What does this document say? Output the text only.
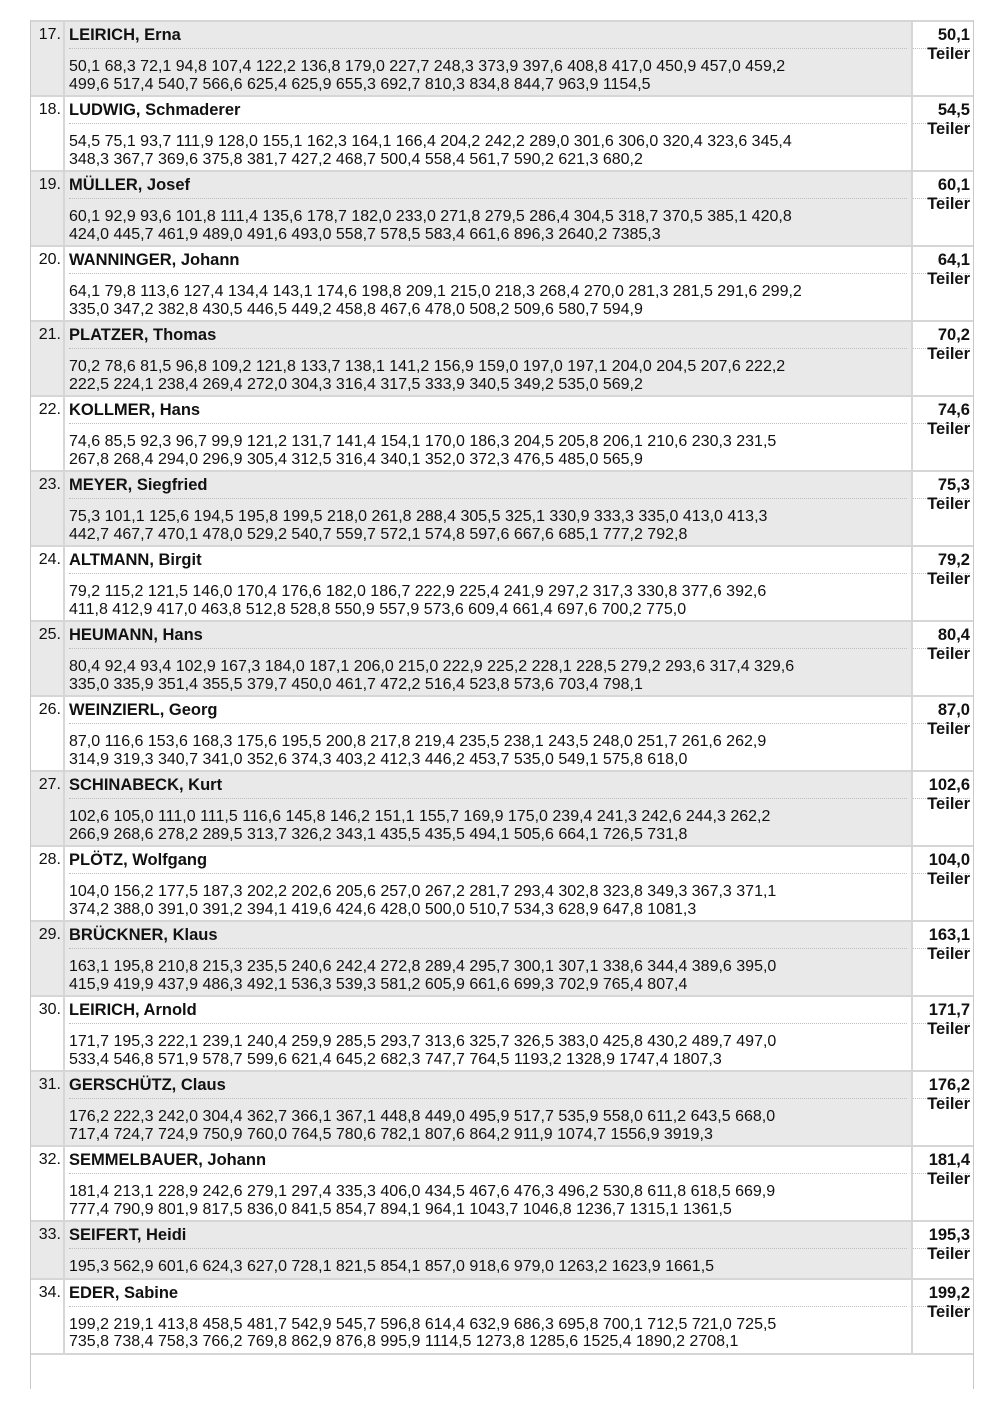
17. LEIRICH, Erna
50,1 68,3 72,1 94,8 107,4 122,2 136,8 179,0 227,7 248,3 373,9 397,6 408,8 417,0 450,9 457,0 459,2
499,6 517,4 540,7 566,6 625,4 625,9 655,3 692,7 810,3 834,8 844,7 963,9 1154,5
50,1
Teiler
18. LUDWIG, Schmaderer
54,5 75,1 93,7 111,9 128,0 155,1 162,3 164,1 166,4 204,2 242,2 289,0 301,6 306,0 320,4 323,6 345,4
348,3 367,7 369,6 375,8 381,7 427,2 468,7 500,4 558,4 561,7 590,2 621,3 680,2
54,5
Teiler
19. MÜLLER, Josef
60,1 92,9 93,6 101,8 111,4 135,6 178,7 182,0 233,0 271,8 279,5 286,4 304,5 318,7 370,5 385,1 420,8
424,0 445,7 461,9 489,0 491,6 493,0 558,7 578,5 583,4 661,6 896,3 2640,2 7385,3
60,1
Teiler
20. WANNINGER, Johann
64,1 79,8 113,6 127,4 134,4 143,1 174,6 198,8 209,1 215,0 218,3 268,4 270,0 281,3 281,5 291,6 299,2
335,0 347,2 382,8 430,5 446,5 449,2 458,8 467,6 478,0 508,2 509,6 580,7 594,9
64,1
Teiler
21. PLATZER, Thomas
70,2 78,6 81,5 96,8 109,2 121,8 133,7 138,1 141,2 156,9 159,0 197,0 197,1 204,0 204,5 207,6 222,2
222,5 224,1 238,4 269,4 272,0 304,3 316,4 317,5 333,9 340,5 349,2 535,0 569,2
70,2
Teiler
22. KOLLMER, Hans
74,6 85,5 92,3 96,7 99,9 121,2 131,7 141,4 154,1 170,0 186,3 204,5 205,8 206,1 210,6 230,3 231,5
267,8 268,4 294,0 296,9 305,4 312,5 316,4 340,1 352,0 372,3 476,5 485,0 565,9
74,6
Teiler
23. MEYER, Siegfried
75,3 101,1 125,6 194,5 195,8 199,5 218,0 261,8 288,4 305,5 325,1 330,9 333,3 335,0 413,0 413,3
442,7 467,7 470,1 478,0 529,2 540,7 559,7 572,1 574,8 597,6 667,6 685,1 777,2 792,8
75,3
Teiler
24. ALTMANN, Birgit
79,2 115,2 121,5 146,0 170,4 176,6 182,0 186,7 222,9 225,4 241,9 297,2 317,3 330,8 377,6 392,6
411,8 412,9 417,0 463,8 512,8 528,8 550,9 557,9 573,6 609,4 661,4 697,6 700,2 775,0
79,2
Teiler
25. HEUMANN, Hans
80,4 92,4 93,4 102,9 167,3 184,0 187,1 206,0 215,0 222,9 225,2 228,1 228,5 279,2 293,6 317,4 329,6
335,0 335,9 351,4 355,5 379,7 450,0 461,7 472,2 516,4 523,8 573,6 703,4 798,1
80,4
Teiler
26. WEINZIERL, Georg
87,0 116,6 153,6 168,3 175,6 195,5 200,8 217,8 219,4 235,5 238,1 243,5 248,0 251,7 261,6 262,9
314,9 319,3 340,7 341,0 352,6 374,3 403,2 412,3 446,2 453,7 535,0 549,1 575,8 618,0
87,0
Teiler
27. SCHINABECK, Kurt
102,6 105,0 111,0 111,5 116,6 145,8 146,2 151,1 155,7 169,9 175,0 239,4 241,3 242,6 244,3 262,2
266,9 268,6 278,2 289,5 313,7 326,2 343,1 435,5 435,5 494,1 505,6 664,1 726,5 731,8
102,6
Teiler
28. PLÖTZ, Wolfgang
104,0 156,2 177,5 187,3 202,2 202,6 205,6 257,0 267,2 281,7 293,4 302,8 323,8 349,3 367,3 371,1
374,2 388,0 391,0 391,2 394,1 419,6 424,6 428,0 500,0 510,7 534,3 628,9 647,8 1081,3
104,0
Teiler
29. BRÜCKNER, Klaus
163,1 195,8 210,8 215,3 235,5 240,6 242,4 272,8 289,4 295,7 300,1 307,1 338,6 344,4 389,6 395,0
415,9 419,9 437,9 486,3 492,1 536,3 539,3 581,2 605,9 661,6 699,3 702,9 765,4 807,4
163,1
Teiler
30. LEIRICH, Arnold
171,7 195,3 222,1 239,1 240,4 259,9 285,5 293,7 313,6 325,7 326,5 383,0 425,8 430,2 489,7 497,0
533,4 546,8 571,9 578,7 599,6 621,4 645,2 682,3 747,7 764,5 1193,2 1328,9 1747,4 1807,3
171,7
Teiler
31. GERSCHÜTZ, Claus
176,2 222,3 242,0 304,4 362,7 366,1 367,1 448,8 449,0 495,9 517,7 535,9 558,0 611,2 643,5 668,0
717,4 724,7 724,9 750,9 760,0 764,5 780,6 782,1 807,6 864,2 911,9 1074,7 1556,9 3919,3
176,2
Teiler
32. SEMMELBAUER, Johann
181,4 213,1 228,9 242,6 279,1 297,4 335,3 406,0 434,5 467,6 476,3 496,2 530,8 611,8 618,5 669,9
777,4 790,9 801,9 817,5 836,0 841,5 854,7 894,1 964,1 1043,7 1046,8 1236,7 1315,1 1361,5
181,4
Teiler
33. SEIFERT, Heidi
195,3 562,9 601,6 624,3 627,0 728,1 821,5 854,1 857,0 918,6 979,0 1263,2 1623,9 1661,5
195,3
Teiler
34. EDER, Sabine
199,2 219,1 413,8 458,5 481,7 542,9 545,7 596,8 614,4 632,9 686,3 695,8 700,1 712,5 721,0 725,5
735,8 738,4 758,3 766,2 769,8 862,9 876,8 995,9 1114,5 1273,8 1285,6 1525,4 1890,2 2708,1
199,2
Teiler
